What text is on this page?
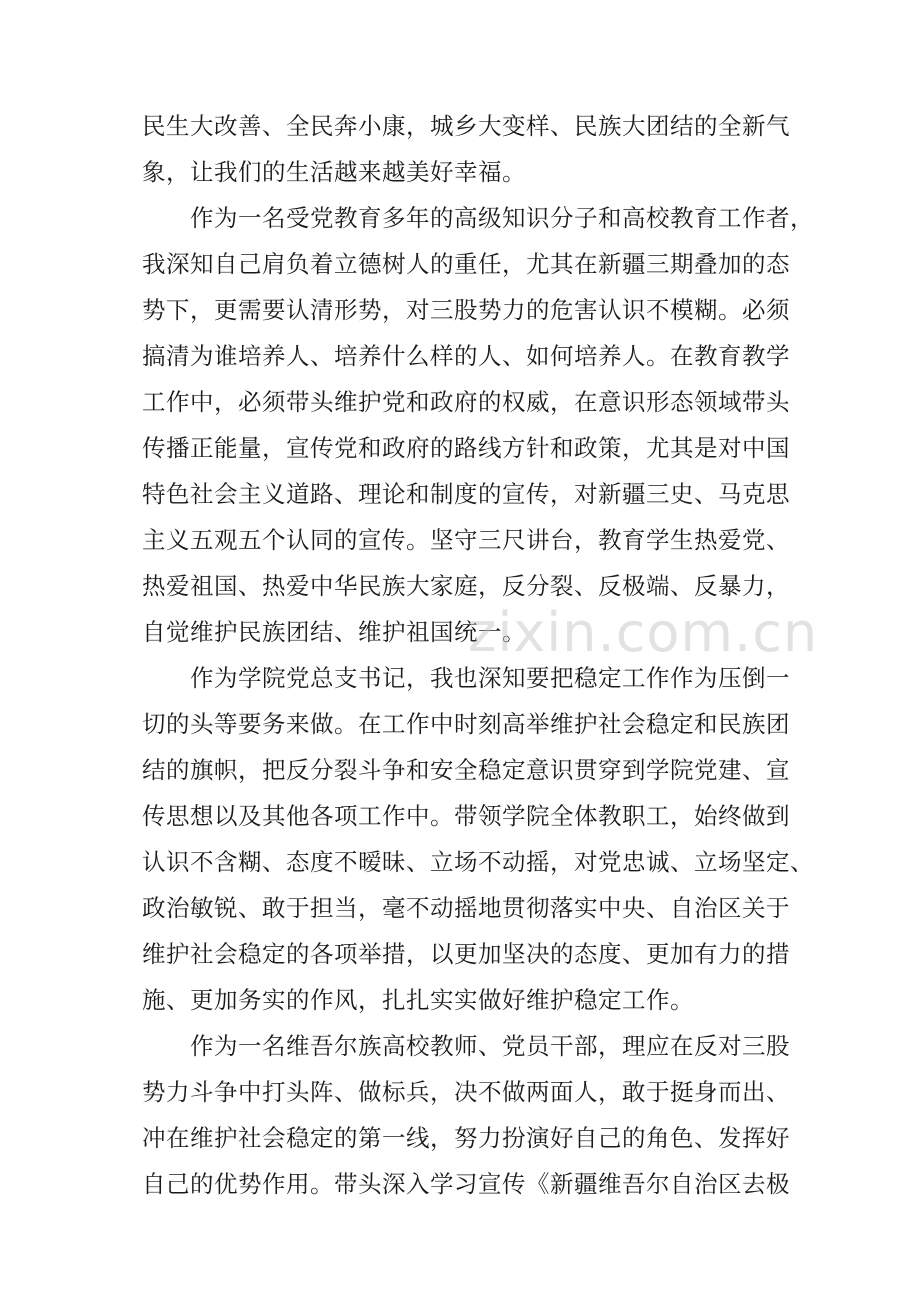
民生大改善、全民奔小康，城乡大变样、民族大团结的全新气
象，让我们的生活越来越美好幸福。
作为一名受党教育多年的高级知识分子和高校教育工作者，
我深知自己肩负着立德树人的重任，尤其在新疆三期叠加的态
势下，更需要认清形势，对三股势力的危害认识不模糊。必须
搞清为谁培养人、培养什么样的人、如何培养人。在教育教学
工作中，必须带头维护党和政府的权威，在意识形态领域带头
传播正能量，宣传党和政府的路线方针和政策，尤其是对中国
特色社会主义道路、理论和制度的宣传，对新疆三史、马克思
主义五观五个认同的宣传。坚守三尺讲台，教育学生热爱党、
热爱祖国、热爱中华民族大家庭，反分裂、反极端、反暴力，
自觉维护民族团结、维护祖国统一。
作为学院党总支书记，我也深知要把稳定工作作为压倒一
切的头等要务来做。在工作中时刻高举维护社会稳定和民族团
结的旗帜，把反分裂斗争和安全稳定意识贯穿到学院党建、宣
传思想以及其他各项工作中。带领学院全体教职工，始终做到
认识不含糊、态度不暧昧、立场不动摇，对党忠诚、立场坚定、
政治敏锐、敢于担当，毫不动摇地贯彻落实中央、自治区关于
维护社会稳定的各项举措，以更加坚决的态度、更加有力的措
施、更加务实的作风，扎扎实实做好维护稳定工作。
作为一名维吾尔族高校教师、党员干部，理应在反对三股
势力斗争中打头阵、做标兵，决不做两面人，敢于挺身而出、
冲在维护社会稳定的第一线，努力扮演好自己的角色、发挥好
自己的优势作用。带头深入学习宣传《新疆维吾尔自治区去极
zixin.com.cn
